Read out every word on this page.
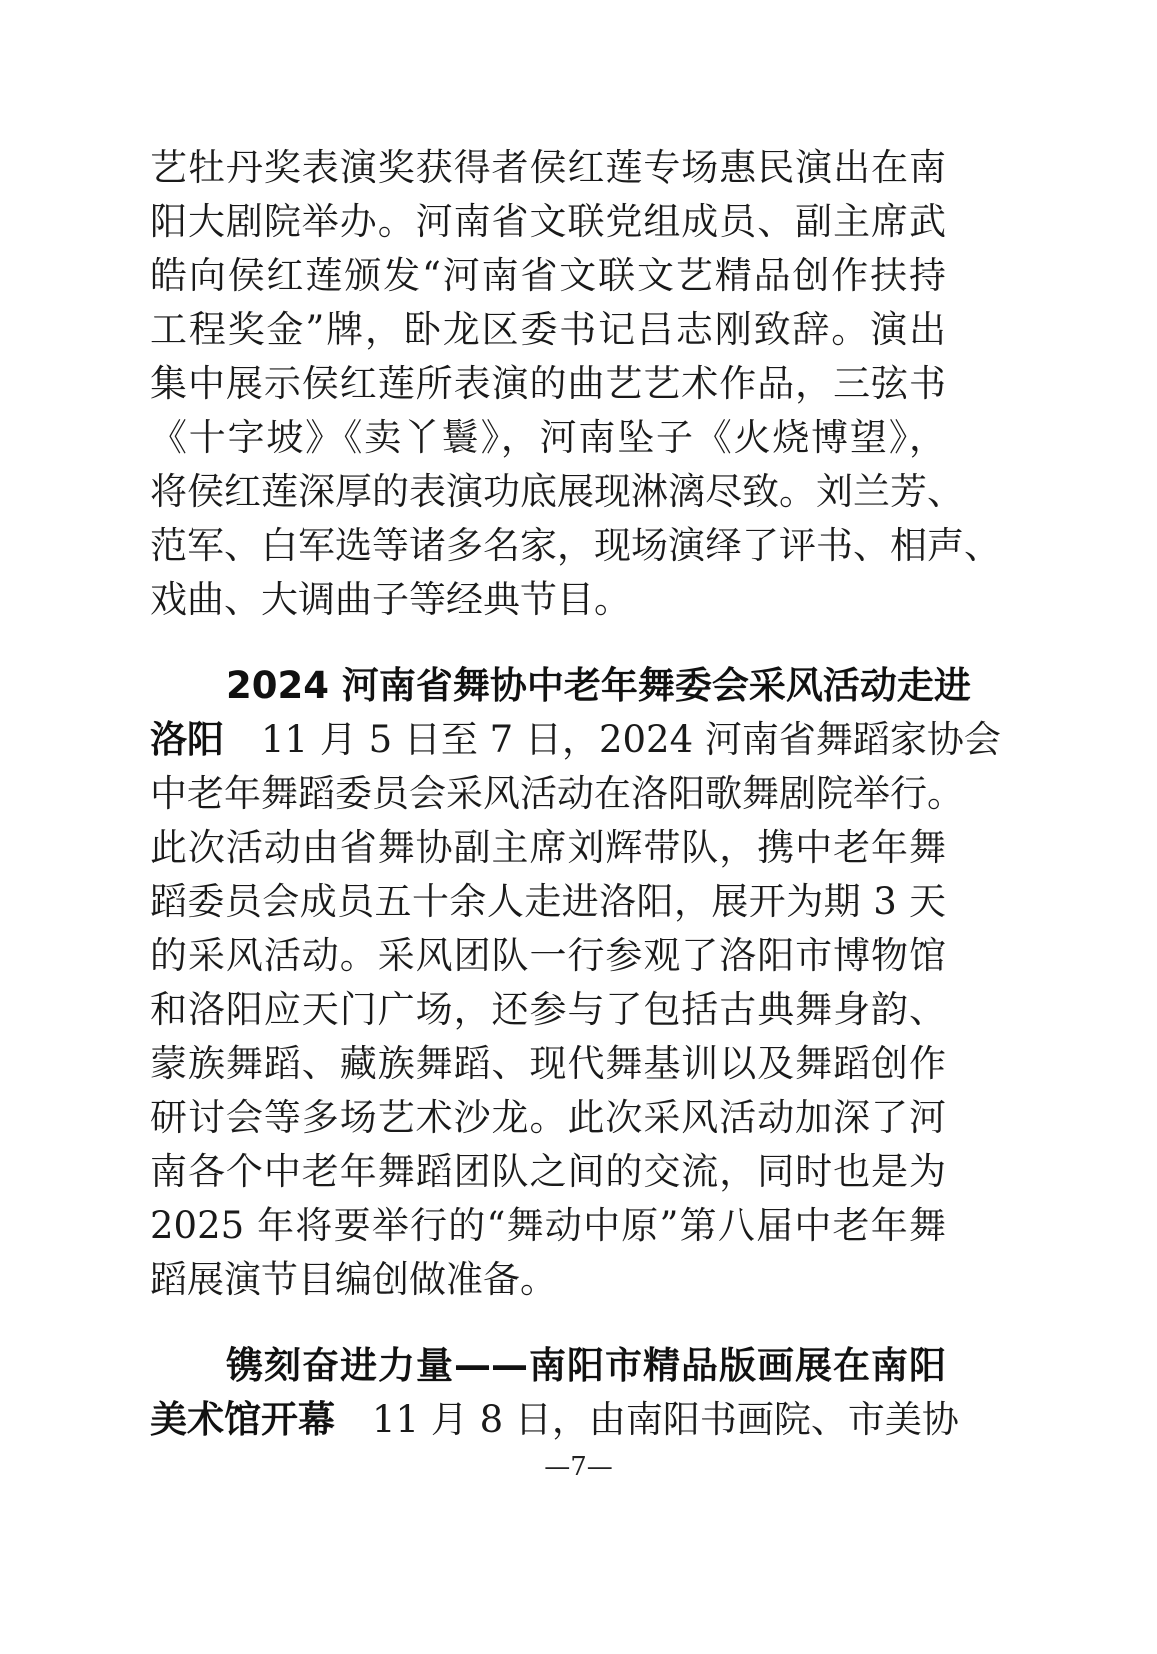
艺牡丹奖表演奖获得者侯红莲专场惠民演出在南
阳大剧院举办。河南省文联党组成员、副主席武
皓向侯红莲颁发“河南省文联文艺精品创作扶持
工程奖金”牌，卧龙区委书记吕志刚致辞。演出
集中展示侯红莲所表演的曲艺艺术作品，三弦书
《十字坡》《卖丫鬟》，河南坠子《火烧博望》，
将侯红莲深厚的表演功底展现淋漓尽致。刘兰芳、
范军、白军选等诸多名家，现场演绎了评书、相声、
戏曲、大调曲子等经典节目。
2024 河南省舞协中老年舞委会采风活动走进
洛阳　11 月 5 日至 7 日，2024 河南省舞蹈家协会
中老年舞蹈委员会采风活动在洛阳歌舞剧院举行。
此次活动由省舞协副主席刘辉带队，携中老年舞
蹈委员会成员五十余人走进洛阳，展开为期 3 天
的采风活动。采风团队一行参观了洛阳市博物馆
和洛阳应天门广场，还参与了包括古典舞身韵、
蒙族舞蹈、藏族舞蹈、现代舞基训以及舞蹈创作
研讨会等多场艺术沙龙。此次采风活动加深了河
南各个中老年舞蹈团队之间的交流，同时也是为
2025 年将要举行的“舞动中原”第八届中老年舞
蹈展演节目编创做准备。
镌刻奋进力量——南阳市精品版画展在南阳
美术馆开幕　11 月 8 日，由南阳书画院、市美协
—7—
